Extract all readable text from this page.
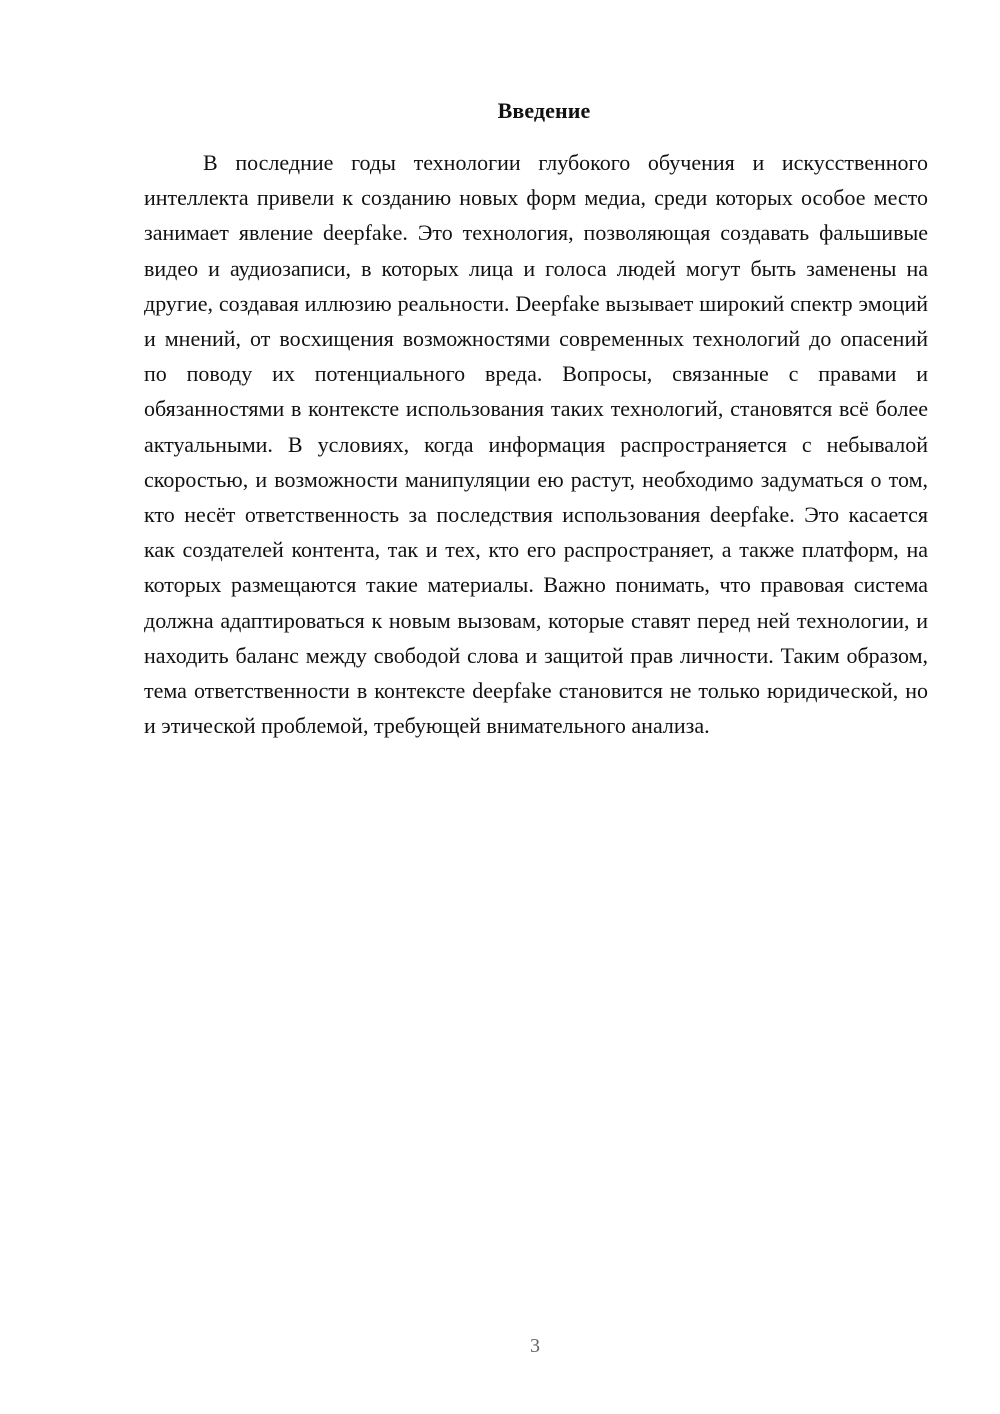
Введение

В последние годы технологии глубокого обучения и искусственного интеллекта привели к созданию новых форм медиа, среди которых особое место занимает явление deepfake. Это технология, позволяющая создавать фальшивые видео и аудиозаписи, в которых лица и голоса людей могут быть заменены на другие, создавая иллюзию реальности. Deepfake вызывает широкий спектр эмоций и мнений, от восхищения возможностями современных технологий до опасений по поводу их потенциального вреда. Вопросы, связанные с правами и обязанностями в контексте использования таких технологий, становятся всё более актуальными. В условиях, когда информация распространяется с небывалой скоростью, и возможности манипуляции ею растут, необходимо задуматься о том, кто несёт ответственность за последствия использования deepfake. Это касается как создателей контента, так и тех, кто его распространяет, а также платформ, на которых размещаются такие материалы. Важно понимать, что правовая система должна адаптироваться к новым вызовам, которые ставят перед ней технологии, и находить баланс между свободой слова и защитой прав личности. Таким образом, тема ответственности в контексте deepfake становится не только юридической, но и этической проблемой, требующей внимательного анализа.

3
